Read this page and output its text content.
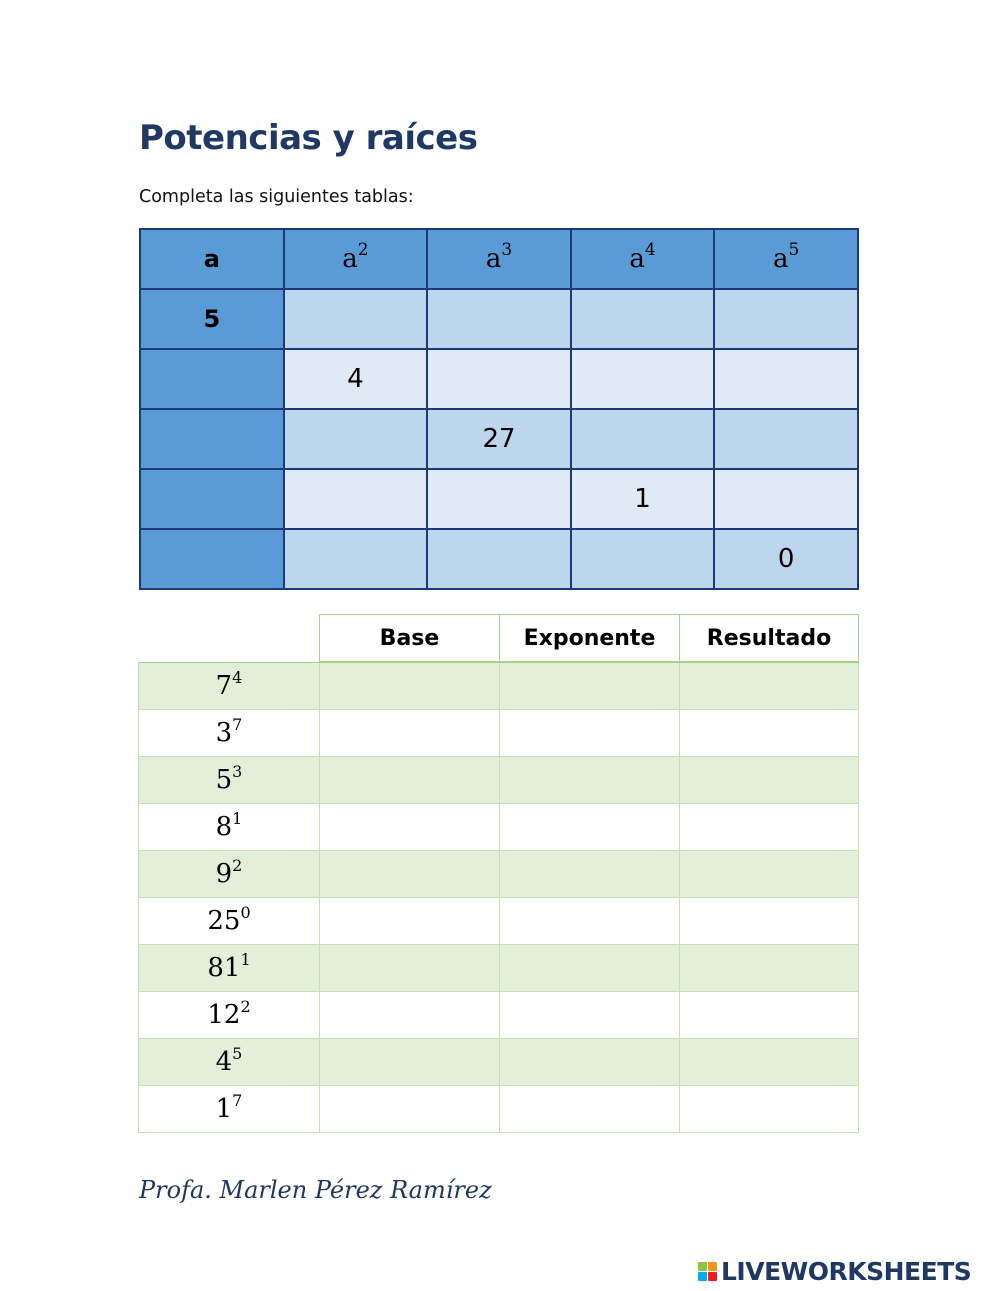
Potencias y raíces
Completa las siguientes tablas:
a	$a^2$	$a^3$	$a^4$	$a^5$
5				
	4			
		27		
			1	
				0
	Base	Exponente	Resultado
$7^4$			
$3^7$			
$5^3$			
$8^1$			
$9^2$			
$25^0$			
$81^1$			
$12^2$			
$4^5$			
$1^7$			
Profa. Marlen Pérez Ramírez
LIVEWORKSHEETS
